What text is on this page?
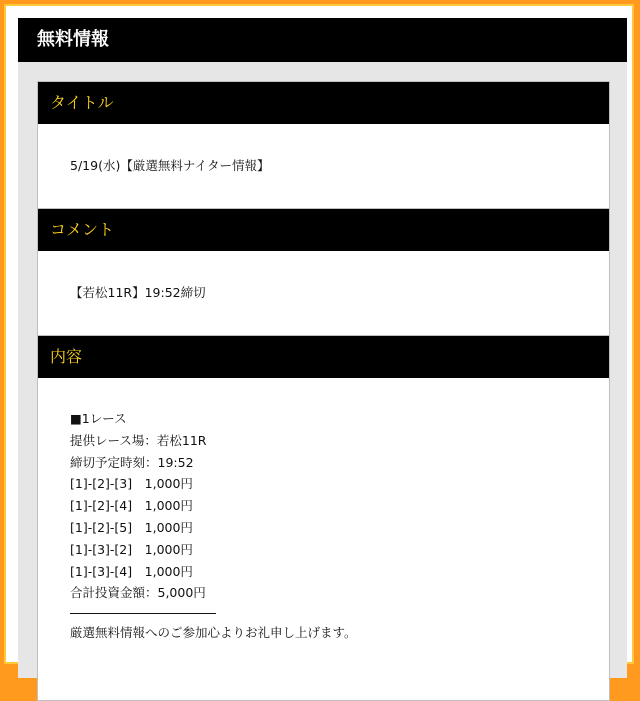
無料情報
タイトル
5/19(水)【厳選無料ナイター情報】
コメント
【若松11R】19:52締切
内容
■1レース
提供レース場：若松11R
締切予定時刻：19:52
[1]-[2]-[3]　1,000円
[1]-[2]-[4]　1,000円
[1]-[2]-[5]　1,000円
[1]-[3]-[2]　1,000円
[1]-[3]-[4]　1,000円
合計投資金額：5,000円
厳選無料情報へのご参加心よりお礼申し上げます。
